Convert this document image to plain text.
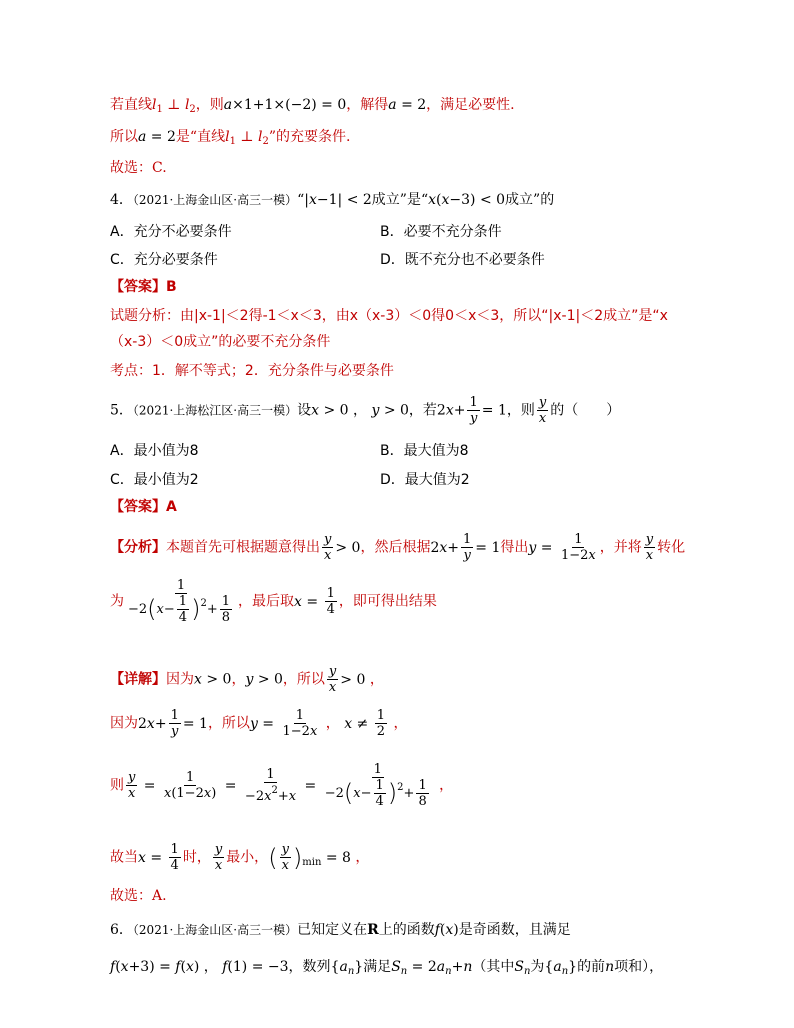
若直线$l_1$ ⊥ $l_2$，则a×1+1×(−2) = 0，解得a = 2，满足必要性.
所以a = 2是“直线$l_1$ ⊥ $l_2$”的充要条件.
故选：C.
4．（2021·上海金山区·高三一模）“|x−1| < 2成立”是“x(x−3) < 0成立”的
A．充分不必要条件	B．必要不充分条件
C．充分必要条件	D．既不充分也不必要条件
【答案】B
试题分析：由|x-1|＜2得-1＜x＜3，由x（x-3）＜0得0＜x＜3，所以“|x-1|＜2成立”是“x
（x-3）＜0成立”的必要不充分条件
考点：1．解不等式；2．充分条件与必要条件
5．（2021·上海松江区·高三一模）设x > 0 ， y > 0，若$2x+ \frac{1}{y} = 1$，则 $\frac{y}{x}$ 的（　　）
A．最小值为8	B．最大值为8
C．最小值为2	D．最大值为2
【答案】A
【分析】本题首先可根据题意得出 $\frac{y}{x} > 0$，然后根据$2x+ \frac{1}{y} = 1$得出$y = \frac{1}{1-2x}$ ，并将 $\frac{y}{x}$ 转化
为 $\frac{1}{-2(x- \frac{1}{4} )^2+ \frac{1}{8}}$ ，最后取$x = \frac{1}{4}$ ，即可得出结果
【详解】因为x > 0，y > 0，所以 $\frac{y}{x} > 0$ ，
因为$2x+ \frac{1}{y} = 1$，所以$y = \frac{1}{1-2x}$ ， $x \ne \frac{1}{2}$ ，
则 $\frac{y}{x} = \frac{1}{x(1-2x)} = \frac{1}{-2x^2+x} = \frac{1}{-2(x- \frac{1}{4} )^2+ \frac{1}{8}}$ ，
故当$x = \frac{1}{4}$ 时， $\frac{y}{x}$ 最小，( $\frac{y}{x} )_{min} = 8$ ，
故选：A.
6．（2021·上海金山区·高三一模）已知定义在R上的函数f(x)是奇函数，且满足
f(x+3) = f(x) ， f(1) = −3，数列$\{a_n\}$满足$S_n = 2a_n+n$（其中$S_n$为$\{a_n\}$的前n项和），
